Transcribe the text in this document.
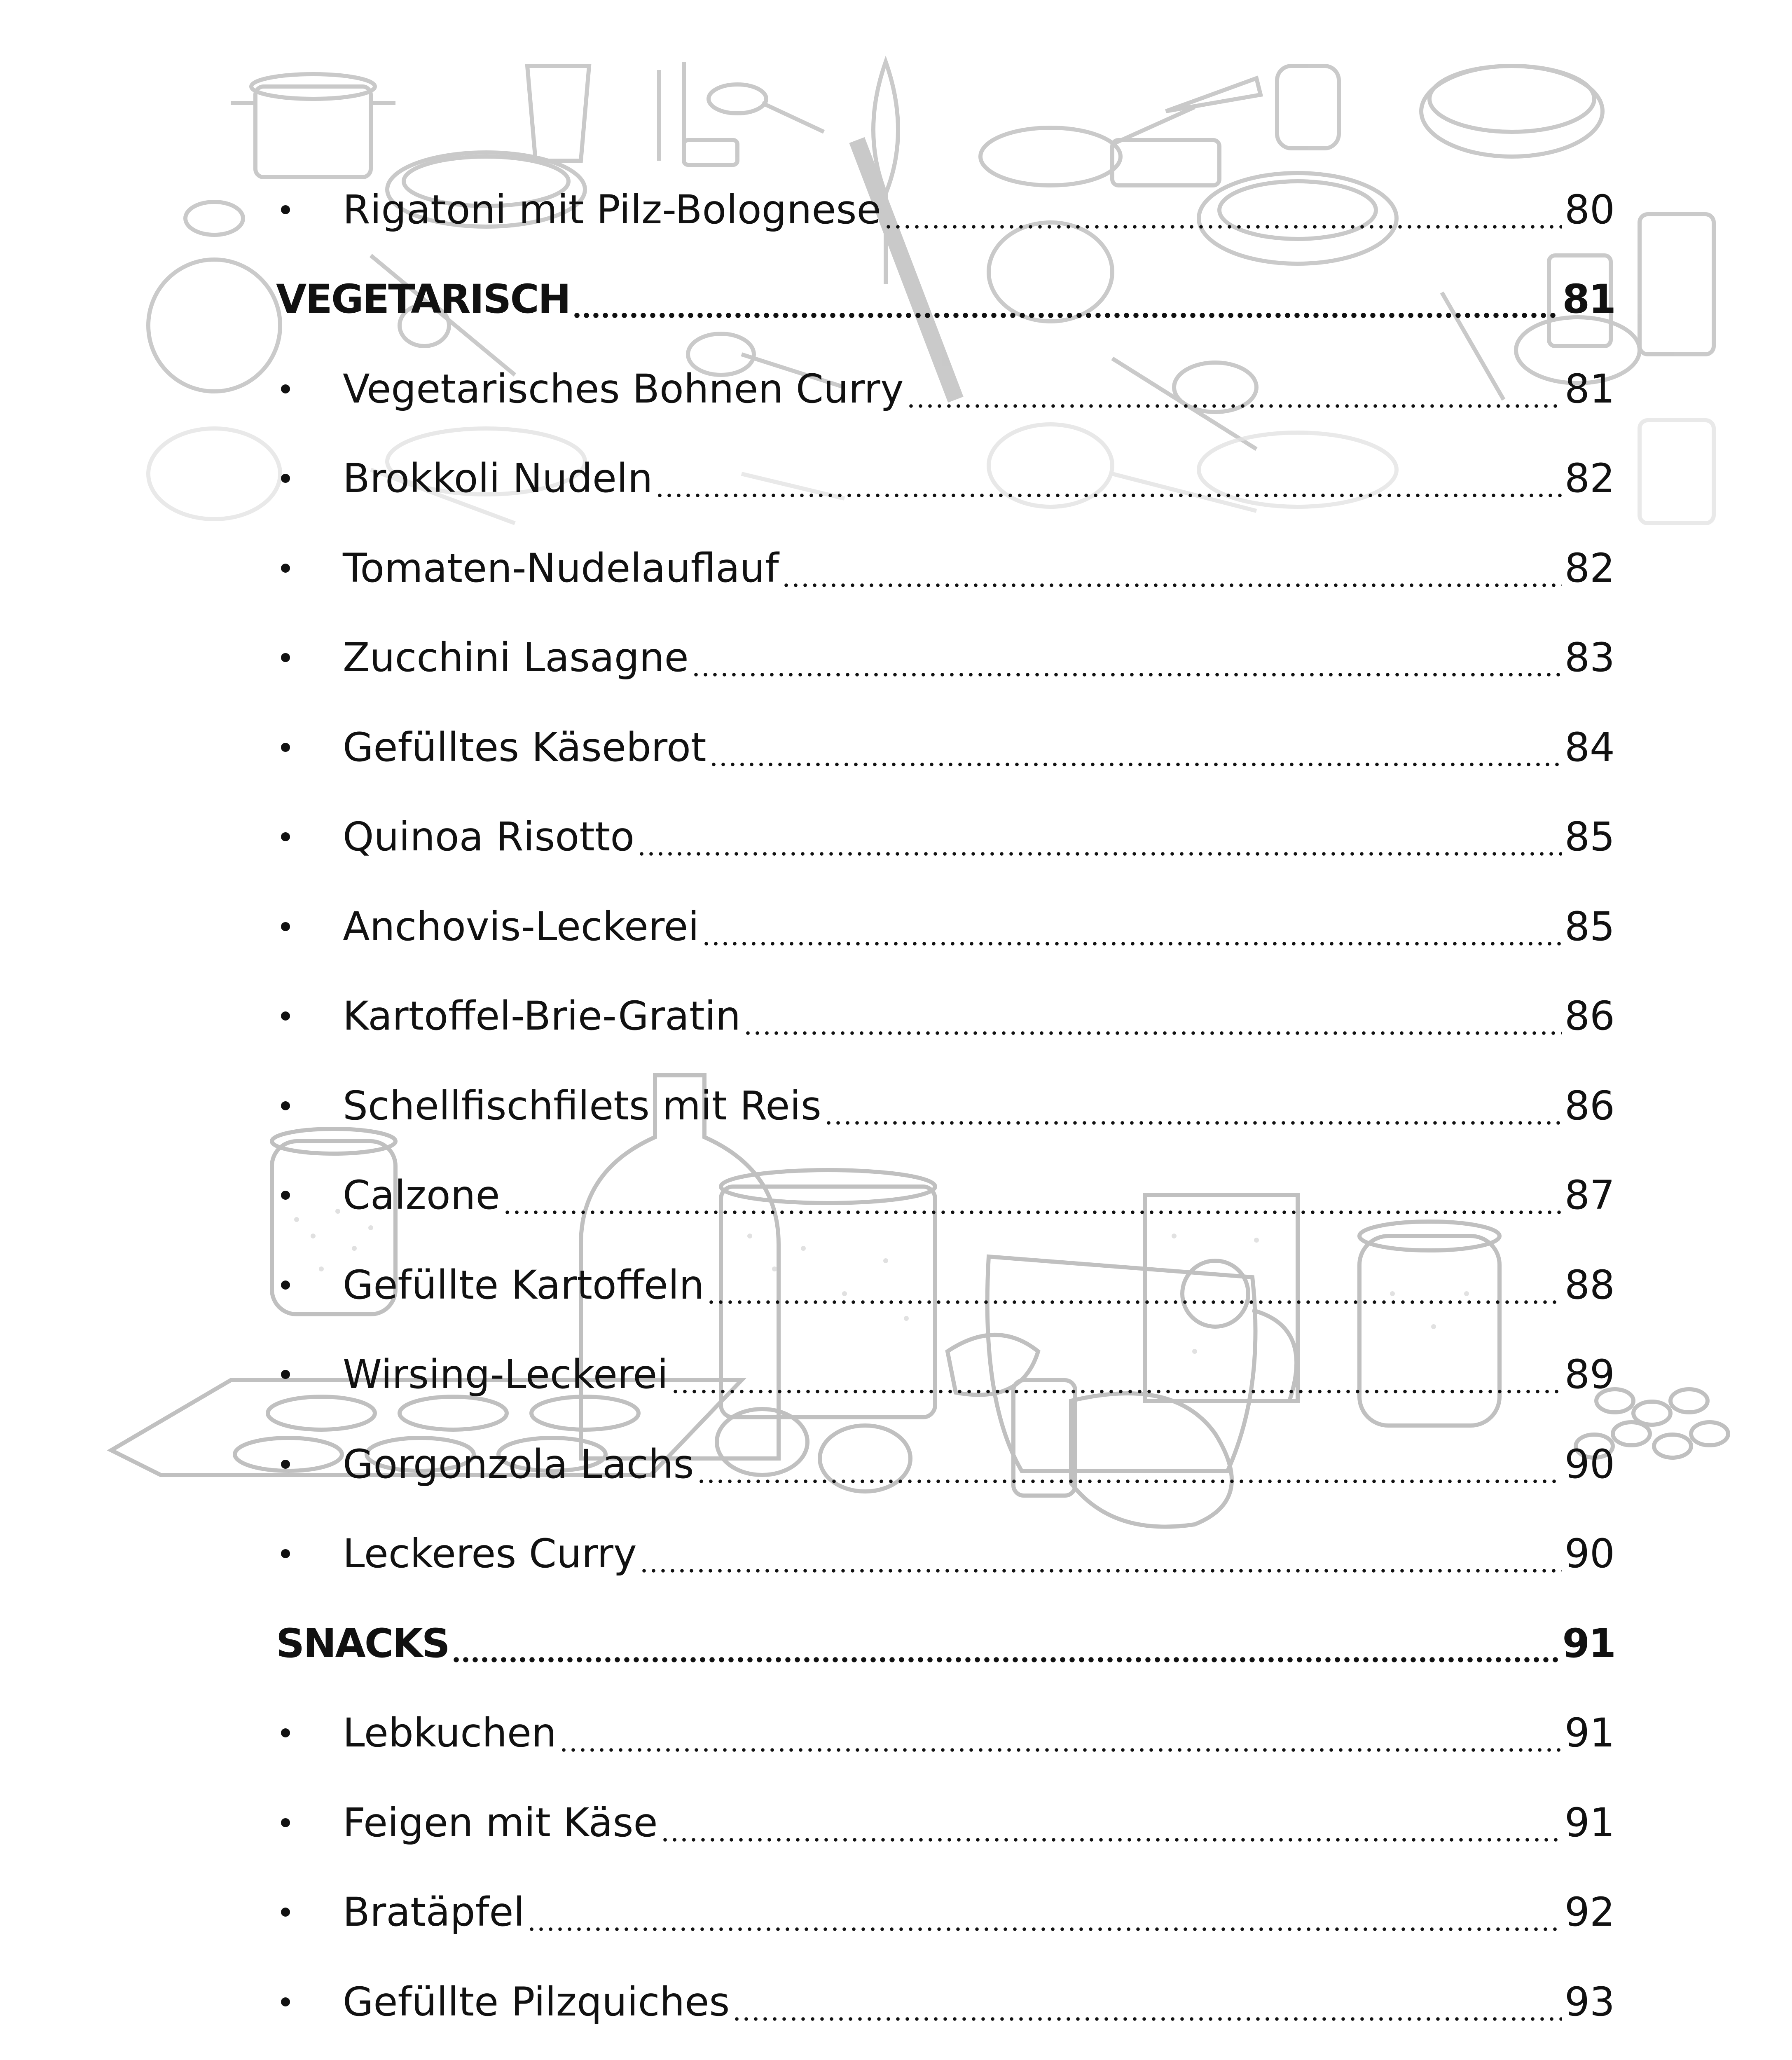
Rigatoni mit Pilz-Bolognese	80
VEGETARISCH	81
Vegetarisches Bohnen Curry	81
Brokkoli Nudeln	82
Tomaten-Nudelauflauf	82
Zucchini Lasagne	83
Gefülltes Käsebrot	84
Quinoa Risotto	85
Anchovis-Leckerei	85
Kartoffel-Brie-Gratin	86
Schellfischfilets mit Reis	86
Calzone	87
Gefüllte Kartoffeln	88
Wirsing-Leckerei	89
Gorgonzola Lachs	90
Leckeres Curry	90
SNACKS	91
Lebkuchen	91
Feigen mit Käse	91
Bratäpfel	92
Gefüllte Pilzquiches	93
